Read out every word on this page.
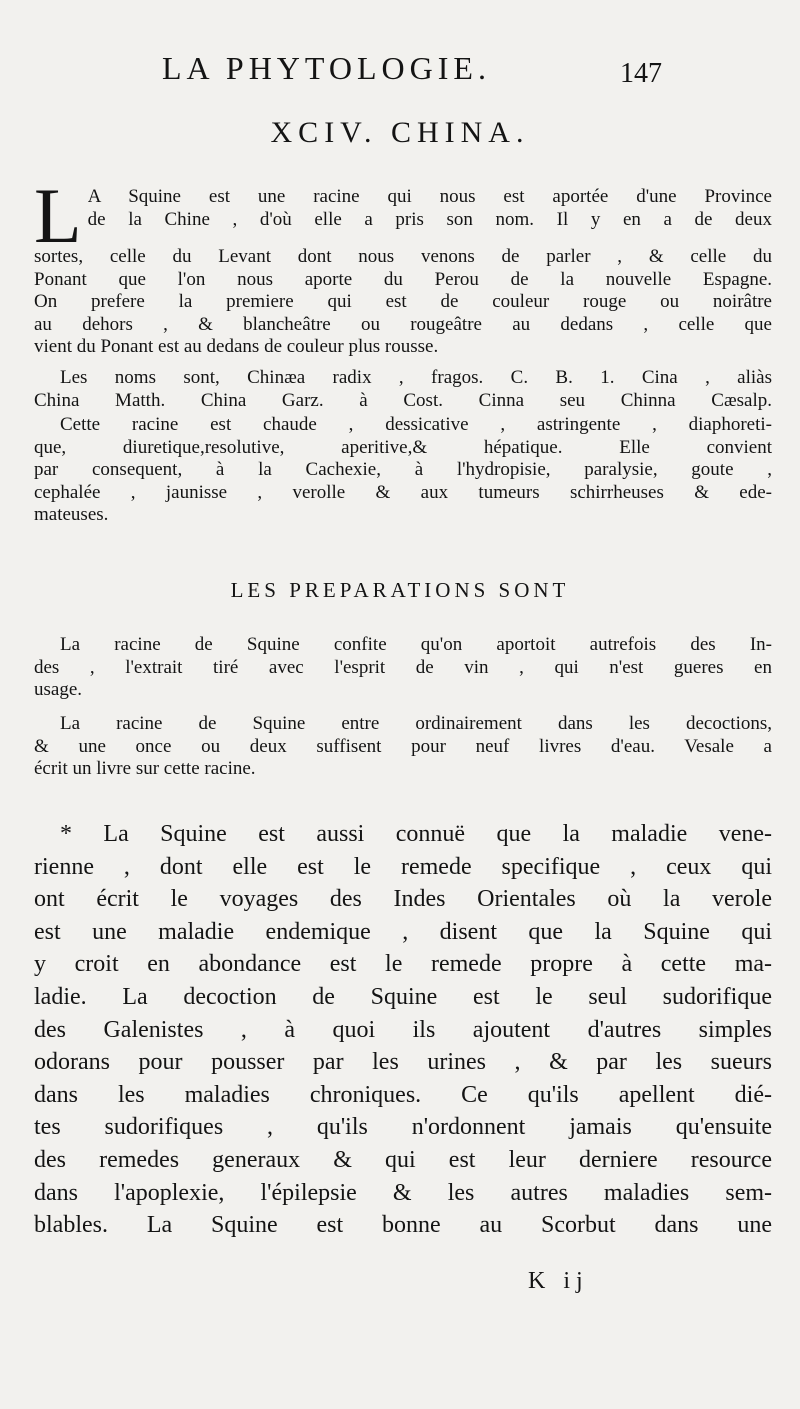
LA PHYTOLOGIE.	147
XCIV. CHINA.
L A Squine est une racine qui nous est aportée d'une Province
de la Chine , d'où elle a pris son nom. Il y en a de deux
sortes, celle du Levant dont nous venons de parler , & celle du
Ponant que l'on nous aporte du Perou de la nouvelle Espagne.
On prefere la premiere qui est de couleur rouge ou noirâtre
au dehors , & blancheâtre ou rougeâtre au dedans , celle que
vient du Ponant est au dedans de couleur plus rousse.
Les noms sont, Chinæa radix , fragos. C. B. 1. Cina , aliàs
China Matth. China Garz. à Cost. Cinna seu Chinna Cæsalp.
Cette racine est chaude , dessicative , astringente , diaphoreti-
que, diuretique,resolutive, aperitive,& hépatique. Elle convient
par consequent, à la Cachexie, à l'hydropisie, paralysie, goute ,
cephalée , jaunisse , verolle & aux tumeurs schirrheuses & ede-
mateuses.
LES PREPARATIONS SONT
La racine de Squine confite qu'on aportoit autrefois des In-
des , l'extrait tiré avec l'esprit de vin , qui n'est gueres en
usage.
La racine de Squine entre ordinairement dans les decoctions,
& une once ou deux suffisent pour neuf livres d'eau. Vesale a
écrit un livre sur cette racine.
* La Squine est aussi connuë que la maladie vene-
rienne , dont elle est le remede specifique , ceux qui
ont écrit le voyages des Indes Orientales où la verole
est une maladie endemique , disent que la Squine qui
y croit en abondance est le remede propre à cette ma-
ladie. La decoction de Squine est le seul sudorifique
des Galenistes , à quoi ils ajoutent d'autres simples
odorans pour pousser par les urines , & par les sueurs
dans les maladies chroniques. Ce qu'ils apellent dié-
tes sudorifiques , qu'ils n'ordonnent jamais qu'ensuite
des remedes generaux & qui est leur derniere resource
dans l'apoplexie, l'épilepsie & les autres maladies sem-
blables. La Squine est bonne au Scorbut dans une
K ij
